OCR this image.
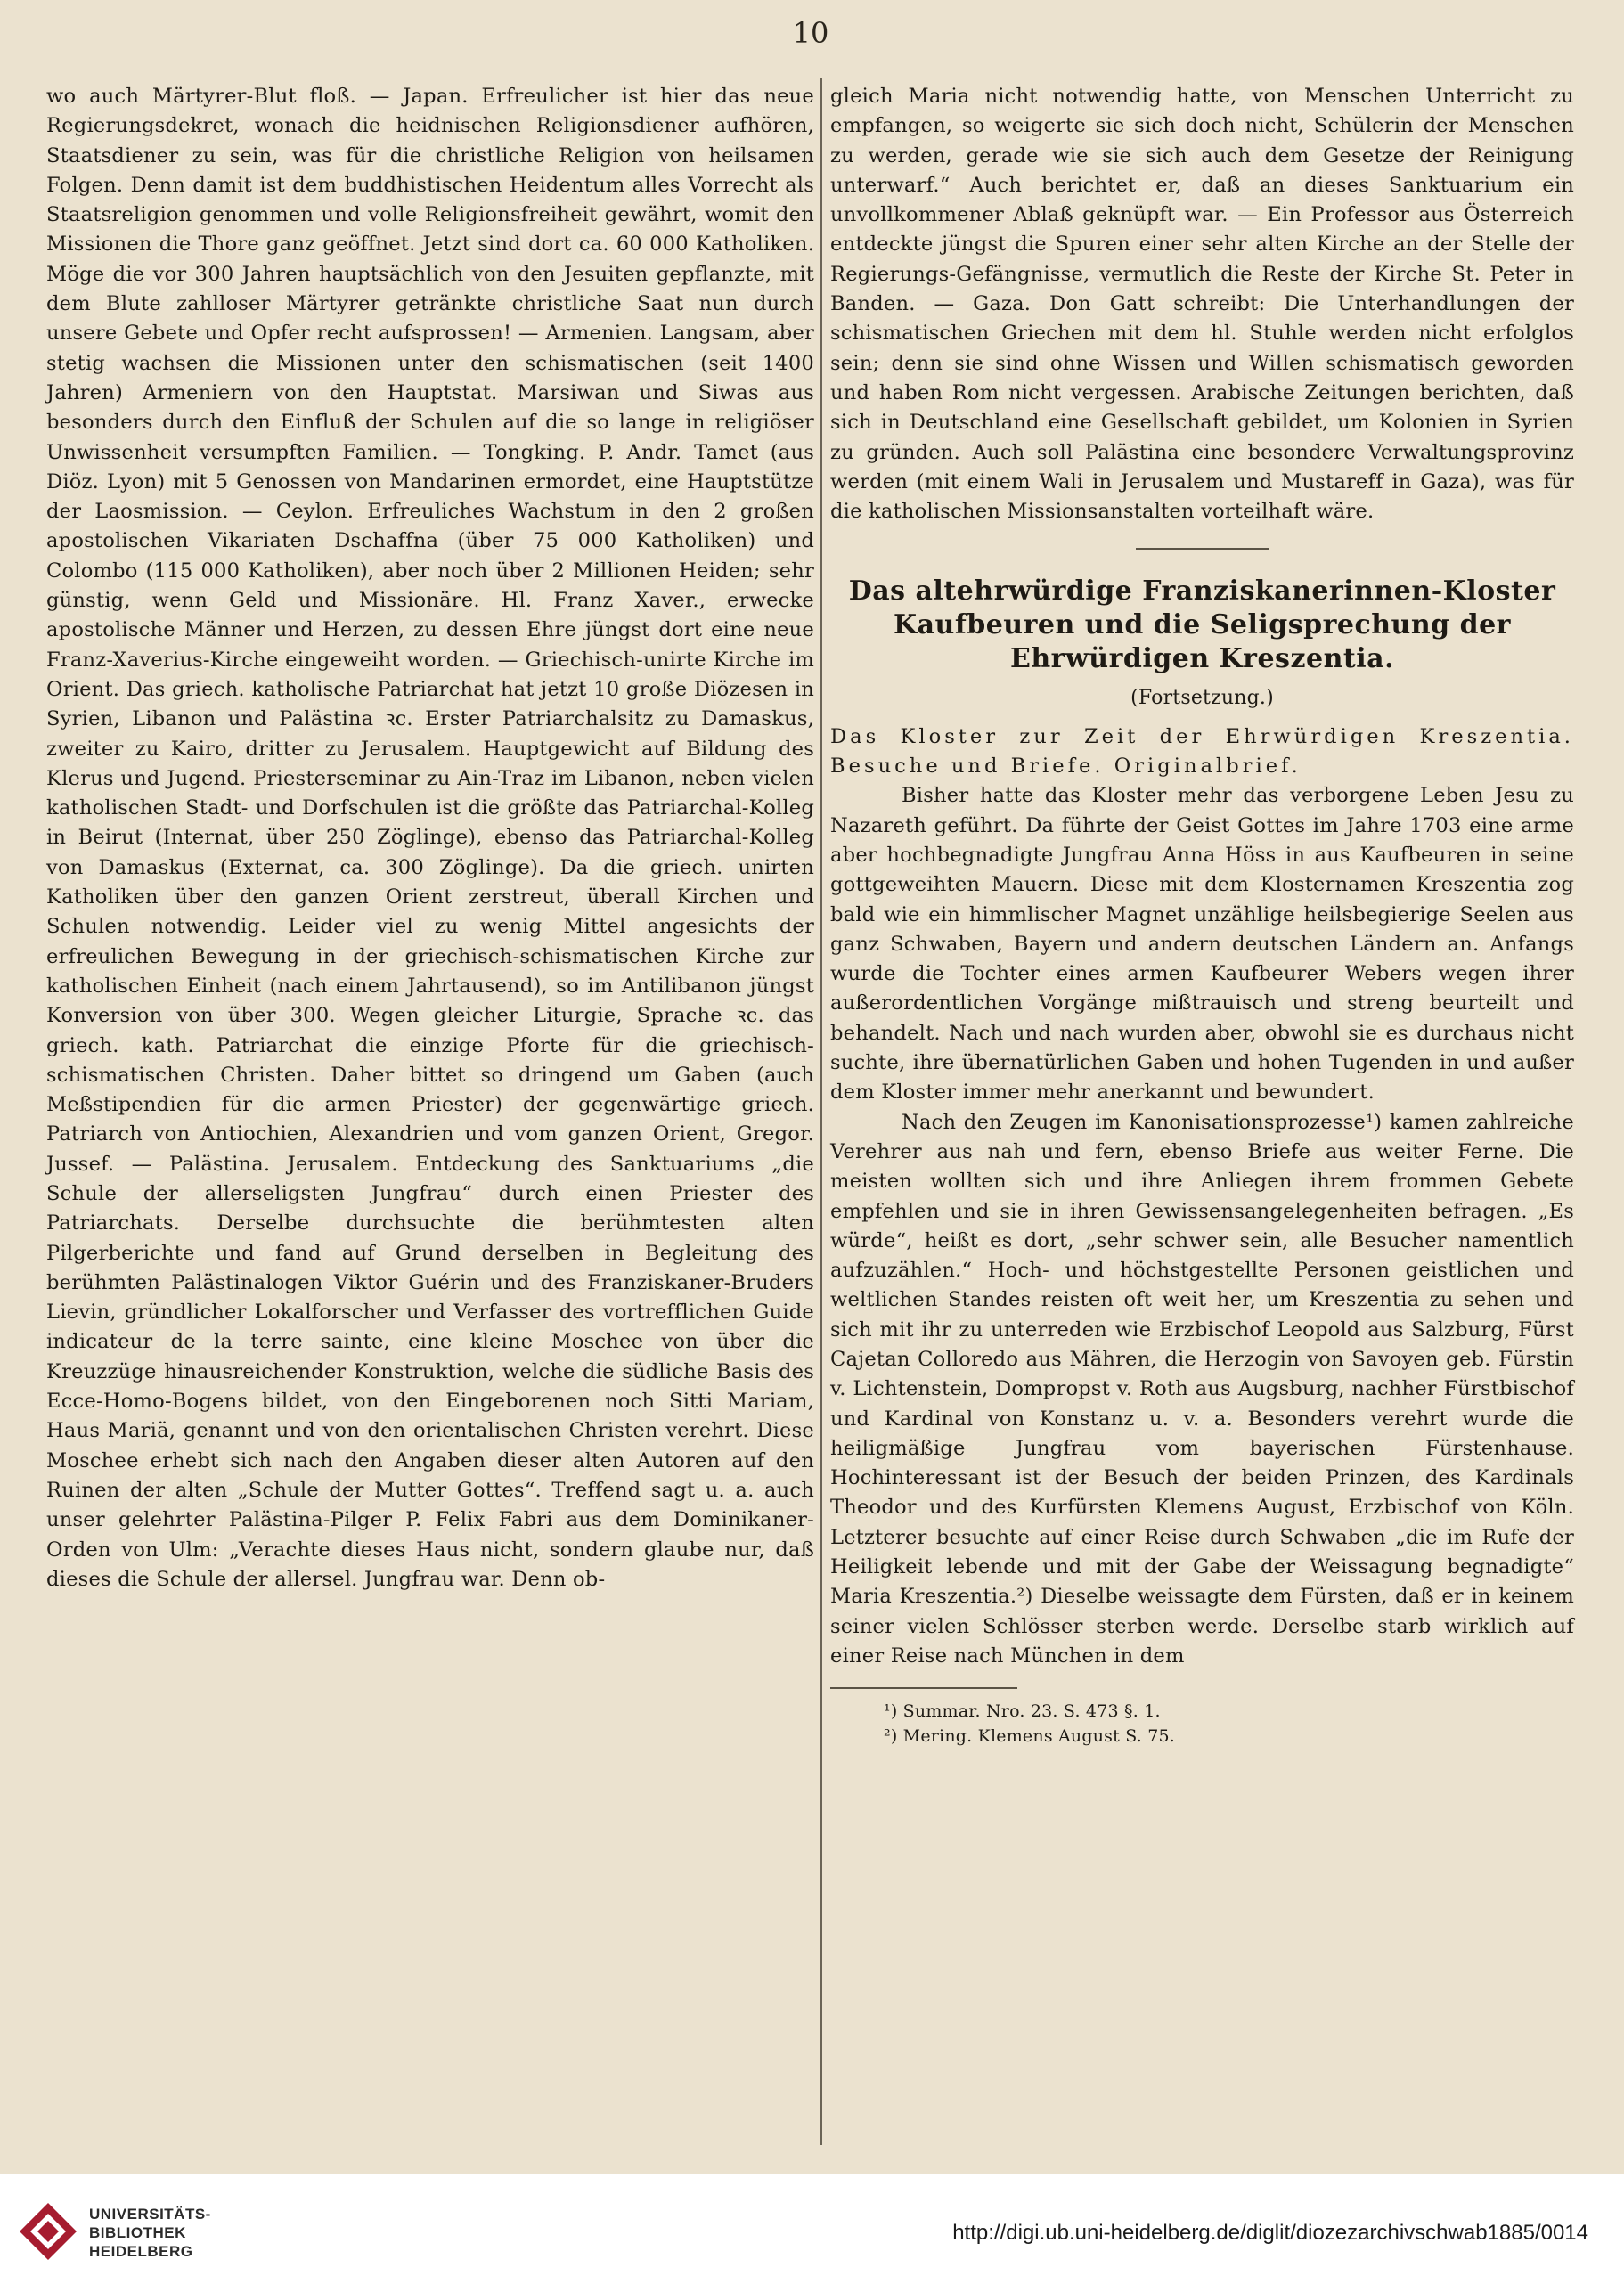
10

wo auch Märtyrer-Blut floß. — Japan. Erfreulicher ist hier das neue Regierungsdekret, wonach die heidnischen Religionsdiener aufhören, Staatsdiener zu sein, was für die christliche Religion von heilsamen Folgen. Denn damit ist dem buddhistischen Heidentum alles Vorrecht als Staatsreligion genommen und volle Religionsfreiheit gewährt, womit den Missionen die Thore ganz geöffnet. Jetzt sind dort ca. 60 000 Katholiken. Möge die vor 300 Jahren hauptsächlich von den Jesuiten gepflanzte, mit dem Blute zahlloser Märtyrer getränkte christliche Saat nun durch unsere Gebete und Opfer recht aufsprossen! — Armenien. Langsam, aber stetig wachsen die Missionen unter den schismatischen (seit 1400 Jahren) Armeniern von den Hauptstat. Marsiwan und Siwas aus besonders durch den Einfluß der Schulen auf die so lange in religiöser Unwissenheit versumpften Familien. — Tongking. P. Andr. Tamet (aus Diöz. Lyon) mit 5 Genossen von Mandarinen ermordet, eine Hauptstütze der Laosmission. — Ceylon. Erfreuliches Wachstum in den 2 großen apostolischen Vikariaten Dschaffna (über 75 000 Katholiken) und Colombo (115 000 Katholiken), aber noch über 2 Millionen Heiden; sehr günstig, wenn Geld und Missionäre. Hl. Franz Xaver., erwecke apostolische Männer und Herzen, zu dessen Ehre jüngst dort eine neue Franz-Xaverius-Kirche eingeweiht worden. — Griechisch-unirte Kirche im Orient. Das griech. katholische Patriarchat hat jetzt 10 große Diözesen in Syrien, Libanon und Palästina ꝛc. Erster Patriarchalsitz zu Damaskus, zweiter zu Kairo, dritter zu Jerusalem. Hauptgewicht auf Bildung des Klerus und Jugend. Priesterseminar zu Ain-Traz im Libanon, neben vielen katholischen Stadt- und Dorfschulen ist die größte das Patriarchal-Kolleg in Beirut (Internat, über 250 Zöglinge), ebenso das Patriarchal-Kolleg von Damaskus (Externat, ca. 300 Zöglinge). Da die griech. unirten Katholiken über den ganzen Orient zerstreut, überall Kirchen und Schulen notwendig. Leider viel zu wenig Mittel angesichts der erfreulichen Bewegung in der griechisch-schismatischen Kirche zur katholischen Einheit (nach einem Jahrtausend), so im Antilibanon jüngst Konversion von über 300. Wegen gleicher Liturgie, Sprache ꝛc. das griech. kath. Patriarchat die einzige Pforte für die griechisch-schismatischen Christen. Daher bittet so dringend um Gaben (auch Meßstipendien für die armen Priester) der gegenwärtige griech. Patriarch von Antiochien, Alexandrien und vom ganzen Orient, Gregor. Jussef. — Palästina. Jerusalem. Entdeckung des Sanktuariums „die Schule der allerseligsten Jungfrau“ durch einen Priester des Patriarchats. Derselbe durchsuchte die berühmtesten alten Pilgerberichte und fand auf Grund derselben in Begleitung des berühmten Palästinalogen Viktor Guérin und des Franziskaner-Bruders Lievin, gründlicher Lokalforscher und Verfasser des vortrefflichen Guide indicateur de la terre sainte, eine kleine Moschee von über die Kreuzzüge hinausreichender Konstruktion, welche die südliche Basis des Ecce-Homo-Bogens bildet, von den Eingeborenen noch Sitti Mariam, Haus Mariä, genannt und von den orientalischen Christen verehrt. Diese Moschee erhebt sich nach den Angaben dieser alten Autoren auf den Ruinen der alten „Schule der Mutter Gottes“. Treffend sagt u. a. auch unser gelehrter Palästina-Pilger P. Felix Fabri aus dem Dominikaner-Orden von Ulm: „Verachte dieses Haus nicht, sondern glaube nur, daß dieses die Schule der allersel. Jungfrau war. Denn ob-

gleich Maria nicht notwendig hatte, von Menschen Unterricht zu empfangen, so weigerte sie sich doch nicht, Schülerin der Menschen zu werden, gerade wie sie sich auch dem Gesetze der Reinigung unterwarf.“ Auch berichtet er, daß an dieses Sanktuarium ein unvollkommener Ablaß geknüpft war. — Ein Professor aus Österreich entdeckte jüngst die Spuren einer sehr alten Kirche an der Stelle der Regierungs-Gefängnisse, vermutlich die Reste der Kirche St. Peter in Banden. — Gaza. Don Gatt schreibt: Die Unterhandlungen der schismatischen Griechen mit dem hl. Stuhle werden nicht erfolglos sein; denn sie sind ohne Wissen und Willen schismatisch geworden und haben Rom nicht vergessen. Arabische Zeitungen berichten, daß sich in Deutschland eine Gesellschaft gebildet, um Kolonien in Syrien zu gründen. Auch soll Palästina eine besondere Verwaltungsprovinz werden (mit einem Wali in Jerusalem und Mustareff in Gaza), was für die katholischen Missionsanstalten vorteilhaft wäre.

Das altehrwürdige Franziskanerinnen-Kloster Kaufbeuren und die Seligsprechung der Ehrwürdigen Kreszentia.
(Fortsetzung.)

Das Kloster zur Zeit der Ehrwürdigen Kreszentia. Besuche und Briefe. Originalbrief.

Bisher hatte das Kloster mehr das verborgene Leben Jesu zu Nazareth geführt. Da führte der Geist Gottes im Jahre 1703 eine arme aber hochbegnadigte Jungfrau Anna Höss in aus Kaufbeuren in seine gottgeweihten Mauern. Diese mit dem Klosternamen Kreszentia zog bald wie ein himmlischer Magnet unzählige heilsbegierige Seelen aus ganz Schwaben, Bayern und andern deutschen Ländern an. Anfangs wurde die Tochter eines armen Kaufbeurer Webers wegen ihrer außerordentlichen Vorgänge mißtrauisch und streng beurteilt und behandelt. Nach und nach wurden aber, obwohl sie es durchaus nicht suchte, ihre übernatürlichen Gaben und hohen Tugenden in und außer dem Kloster immer mehr anerkannt und bewundert.

Nach den Zeugen im Kanonisationsprozesse¹) kamen zahlreiche Verehrer aus nah und fern, ebenso Briefe aus weiter Ferne. Die meisten wollten sich und ihre Anliegen ihrem frommen Gebete empfehlen und sie in ihren Gewissensangelegenheiten befragen. „Es würde“, heißt es dort, „sehr schwer sein, alle Besucher namentlich aufzuzählen.“ Hoch- und höchstgestellte Personen geistlichen und weltlichen Standes reisten oft weit her, um Kreszentia zu sehen und sich mit ihr zu unterreden wie Erzbischof Leopold aus Salzburg, Fürst Cajetan Colloredo aus Mähren, die Herzogin von Savoyen geb. Fürstin v. Lichtenstein, Dompropst v. Roth aus Augsburg, nachher Fürstbischof und Kardinal von Konstanz u. v. a. Besonders verehrt wurde die heiligmäßige Jungfrau vom bayerischen Fürstenhause. Hochinteressant ist der Besuch der beiden Prinzen, des Kardinals Theodor und des Kurfürsten Klemens August, Erzbischof von Köln. Letzterer besuchte auf einer Reise durch Schwaben „die im Rufe der Heiligkeit lebende und mit der Gabe der Weissagung begnadigte“ Maria Kreszentia.²) Dieselbe weissagte dem Fürsten, daß er in keinem seiner vielen Schlösser sterben werde. Derselbe starb wirklich auf einer Reise nach München in dem

¹) Summar. Nro. 23. S. 473 §. 1.

²) Mering. Klemens August S. 75.

UNIVERSITÄTS-
BIBLIOTHEK
HEIDELBERG
http://digi.ub.uni-heidelberg.de/diglit/diozezarchivschwab1885/0014
